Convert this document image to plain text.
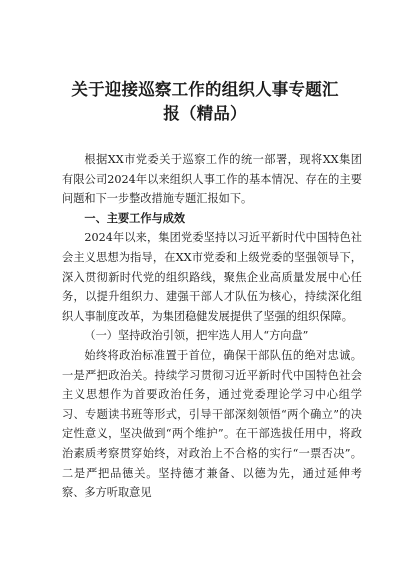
关于迎接巡察工作的组织人事专题汇
报（精品）

根据XX市党委关于巡察工作的统一部署，现将XX集团有限公司2024年以来组织人事工作的基本情况、存在的主要问题和下一步整改措施专题汇报如下。

一、主要工作与成效

2024年以来，集团党委坚持以习近平新时代中国特色社会主义思想为指导，在XX市党委和上级党委的坚强领导下，深入贯彻新时代党的组织路线，聚焦企业高质量发展中心任务，以提升组织力、建强干部人才队伍为核心，持续深化组织人事制度改革，为集团稳健发展提供了坚强的组织保障。

（一）坚持政治引领，把牢选人用人“方向盘”

始终将政治标准置于首位，确保干部队伍的绝对忠诚。一是严把政治关。持续学习贯彻习近平新时代中国特色社会主义思想作为首要政治任务，通过党委理论学习中心组学习、专题读书班等形式，引导干部深刻领悟“两个确立”的决定性意义，坚决做到“两个维护”。在干部选拔任用中，将政治素质考察贯穿始终，对政治上不合格的实行“一票否决”。二是严把品德关。坚持德才兼备、以德为先，通过延伸考察、多方听取意见
